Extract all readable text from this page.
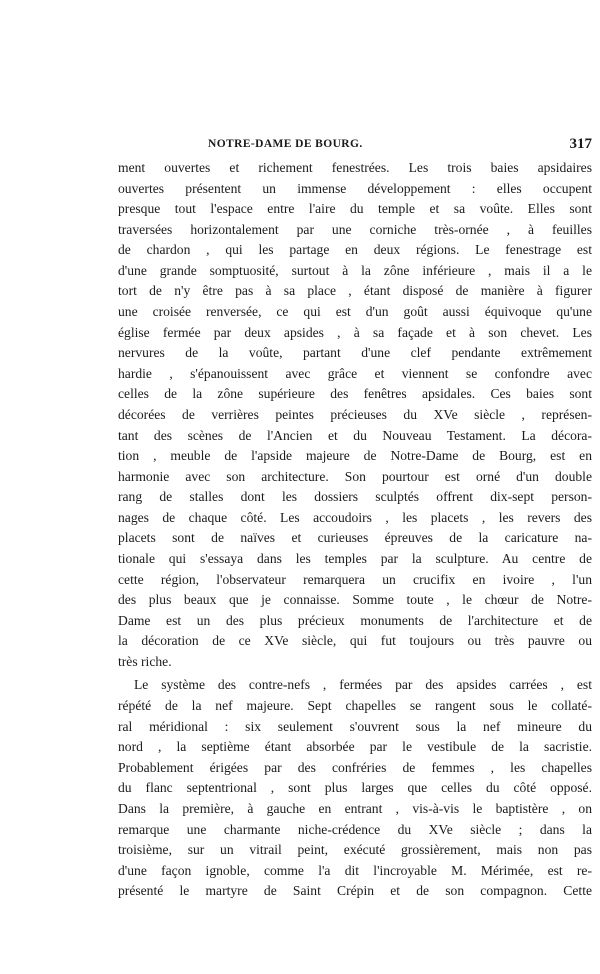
NOTRE-DAME DE BOURG.	317
ment ouvertes et richement fenestrées. Les trois baies apsidaires
ouvertes présentent un immense développement : elles occupent
presque tout l'espace entre l'aire du temple et sa voûte. Elles sont
traversées horizontalement par une corniche très-ornée , à feuilles
de chardon , qui les partage en deux régions. Le fenestrage est
d'une grande somptuosité, surtout à la zône inférieure , mais il a le
tort de n'y être pas à sa place , étant disposé de manière à figurer
une croisée renversée, ce qui est d'un goût aussi équivoque qu'une
église fermée par deux apsides , à sa façade et à son chevet. Les
nervures de la voûte, partant d'une clef pendante extrêmement
hardie , s'épanouissent avec grâce et viennent se confondre avec
celles de la zône supérieure des fenêtres apsidales. Ces baies sont
décorées de verrières peintes précieuses du XVe siècle , représen-
tant des scènes de l'Ancien et du Nouveau Testament. La décora-
tion , meuble de l'apside majeure de Notre-Dame de Bourg, est en
harmonie avec son architecture. Son pourtour est orné d'un double
rang de stalles dont les dossiers sculptés offrent dix-sept person-
nages de chaque côté. Les accoudoirs , les placets , les revers des
placets sont de naïves et curieuses épreuves de la caricature na-
tionale qui s'essaya dans les temples par la sculpture. Au centre de
cette région, l'observateur remarquera un crucifix en ivoire , l'un
des plus beaux que je connaisse. Somme toute , le chœur de Notre-
Dame est un des plus précieux monuments de l'architecture et de
la décoration de ce XVe siècle, qui fut toujours ou très pauvre ou
très riche.
Le système des contre-nefs , fermées par des apsides carrées , est
répété de la nef majeure. Sept chapelles se rangent sous le collaté-
ral méridional : six seulement s'ouvrent sous la nef mineure du
nord , la septième étant absorbée par le vestibule de la sacristie.
Probablement érigées par des confréries de femmes , les chapelles
du flanc septentrional , sont plus larges que celles du côté opposé.
Dans la première, à gauche en entrant , vis-à-vis le baptistère , on
remarque une charmante niche-crédence du XVe siècle ; dans la
troisième, sur un vitrail peint, exécuté grossièrement, mais non pas
d'une façon ignoble, comme l'a dit l'incroyable M. Mérimée, est re-
présenté le martyre de Saint Crépin et de son compagnon. Cette
